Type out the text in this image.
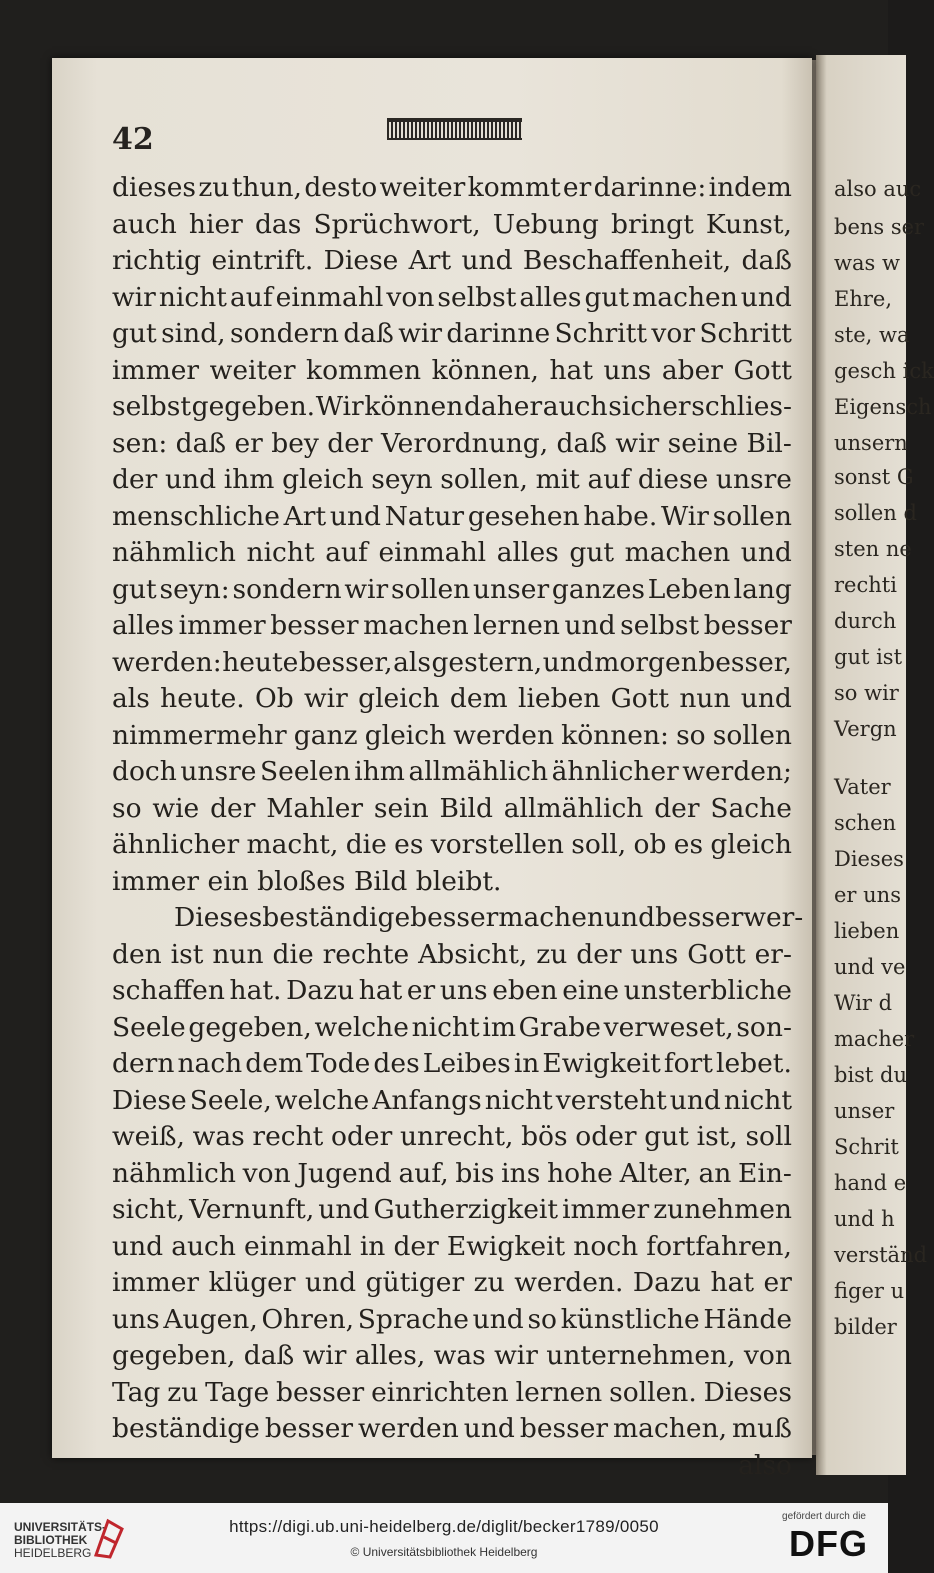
also auc
bens ser
was w
Ehre,
ste, wa
gesch ick
Eigensch
unsern
sonst G
sollen d
sten ne
rechti
durch
gut ist
so wir
Vergn
Vater
schen
Dieses
er uns
lieben
und ve
Wir d
macher
bist du
unser
Schrit
hand e
und h
verständ
figer u
bilder
42
dieses zu thun, desto weiter kommt er darinne: indem
auch hier das Sprüchwort, Uebung bringt Kunst,
richtig eintrift. Diese Art und Beschaffenheit, daß
wir nicht auf einmahl von selbst alles gut machen und
gut sind, sondern daß wir darinne Schritt vor Schritt
immer weiter kommen können, hat uns aber Gott
selbst gegeben. Wir können daher auch sicher schlies-
sen: daß er bey der Verordnung, daß wir seine Bil-
der und ihm gleich seyn sollen, mit auf diese unsre
menschliche Art und Natur gesehen habe. Wir sollen
nähmlich nicht auf einmahl alles gut machen und
gut seyn: sondern wir sollen unser ganzes Leben lang
alles immer besser machen lernen und selbst besser
werden: heute besser, als gestern, und morgen besser,
als heute. Ob wir gleich dem lieben Gott nun und
nimmermehr ganz gleich werden können: so sollen
doch unsre Seelen ihm allmählich ähnlicher werden;
so wie der Mahler sein Bild allmählich der Sache
ähnlicher macht, die es vorstellen soll, ob es gleich
immer ein bloßes Bild bleibt.
Dieses beständige besser machen und besser wer-
den ist nun die rechte Absicht, zu der uns Gott er-
schaffen hat. Dazu hat er uns eben eine unsterbliche
Seele gegeben, welche nicht im Grabe verweset, son-
dern nach dem Tode des Leibes in Ewigkeit fort lebet.
Diese Seele, welche Anfangs nicht versteht und nicht
weiß, was recht oder unrecht, bös oder gut ist, soll
nähmlich von Jugend auf, bis ins hohe Alter, an Ein-
sicht, Vernunft, und Gutherzigkeit immer zunehmen
und auch einmahl in der Ewigkeit noch fortfahren,
immer klüger und gütiger zu werden. Dazu hat er
uns Augen, Ohren, Sprache und so künstliche Hände
gegeben, daß wir alles, was wir unternehmen, von
Tag zu Tage besser einrichten lernen sollen. Dieses
beständige besser werden und besser machen, muß
also
UNIVERSITÄTS-
BIBLIOTHEK
HEIDELBERG
https://digi.ub.uni-heidelberg.de/diglit/becker1789/0050
© Universitätsbibliothek Heidelberg
gefördert durch die
DFG
